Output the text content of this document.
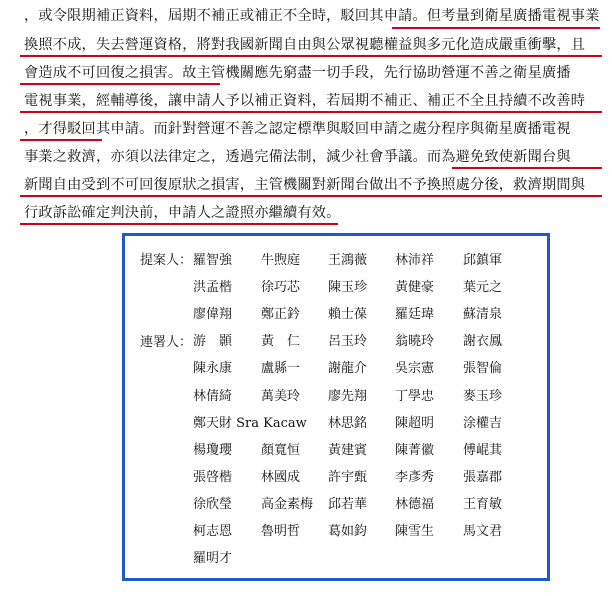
，或令限期補正資料，屆期不補正或補正不全時，駁回其申請。但考量到衛星廣播電視事業
換照不成，失去營運資格，將對我國新聞自由與公眾視聽權益與多元化造成嚴重衝擊，且
會造成不可回復之損害。故主管機關應先窮盡一切手段，先行協助營運不善之衛星廣播
電視事業，經輔導後，讓申請人予以補正資料，若屆期不補正、補正不全且持續不改善時
，才得駁回其申請。而針對營運不善之認定標準與駁回申請之處分程序與衛星廣播電視
事業之救濟，亦須以法律定之，透過完備法制，減少社會爭議。而為避免致使新聞台與
新聞自由受到不可回復原狀之損害，主管機關對新聞台做出不予換照處分後，救濟期間與
行政訴訟確定判決前，申請人之證照亦繼續有效。
提案人：
連署人：
羅智強 牛煦庭 王鴻薇 林沛祥 邱鎮軍
洪孟楷 徐巧芯 陳玉珍 黃健豪 葉元之
廖偉翔 鄭正鈐 賴士葆 羅廷瑋 蘇清泉
游　顥 黃　仁 呂玉玲 翁曉玲 謝衣鳳
陳永康 盧縣一 謝龍介 吳宗憲 張智倫
林倩綺 萬美玲 廖先翔 丁學忠 麥玉珍
鄭天財 Sra Kacaw 林思銘 陳超明 涂權吉
楊瓊瓔 顏寬恒 黃建賓 陳菁徽 傅崐萁
張啓楷 林國成 許宇甄 李彥秀 張嘉郡
徐欣瑩 高金素梅 邱若華 林德福 王育敏
柯志恩 魯明哲 葛如鈞 陳雪生 馬文君
羅明才
